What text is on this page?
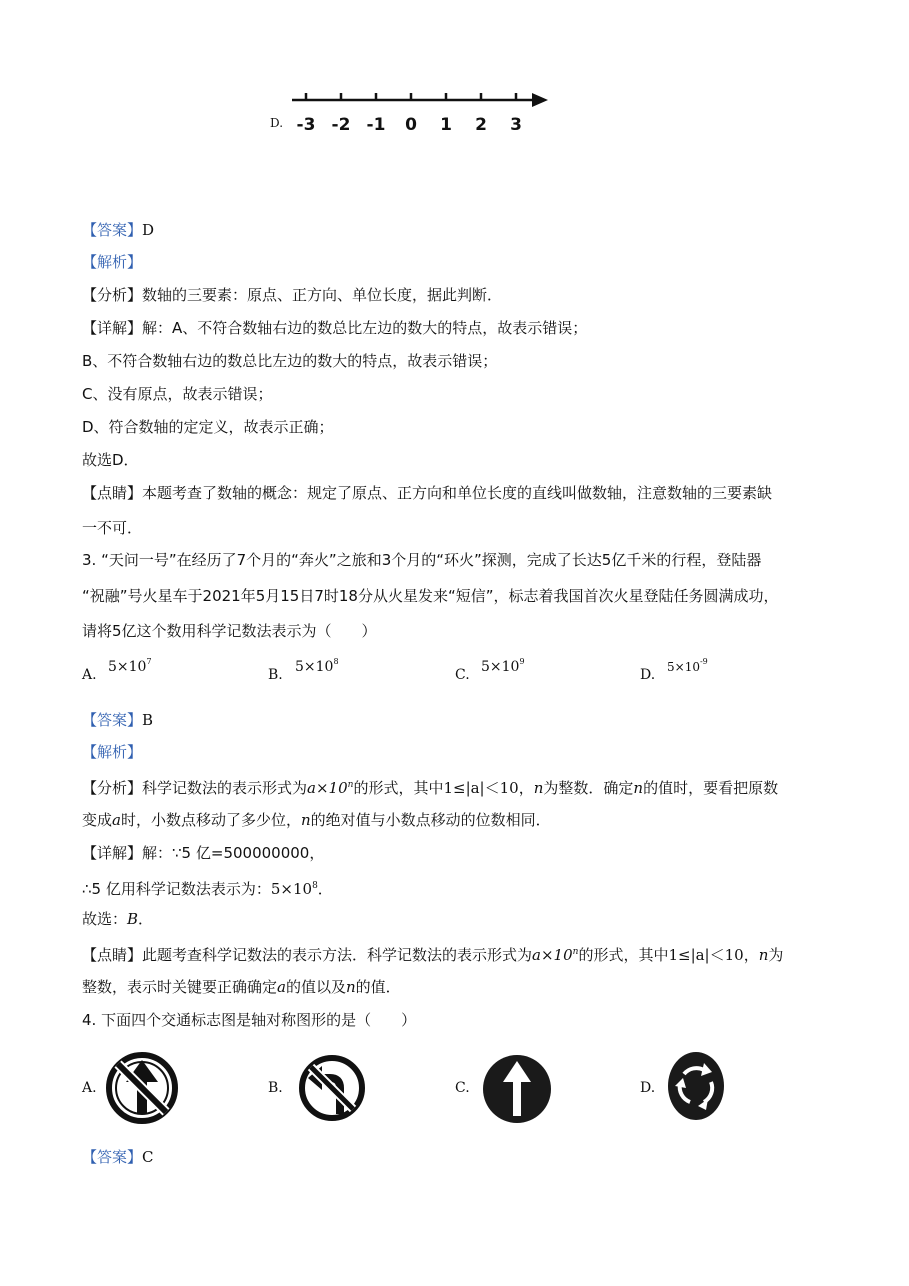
D. -3 -2 -1 0 1 2 3
【答案】D
【解析】
【分析】数轴的三要素：原点、正方向、单位长度，据此判断．
【详解】解：A、不符合数轴右边的数总比左边的数大的特点，故表示错误；
B、不符合数轴右边的数总比左边的数大的特点，故表示错误；
C、没有原点，故表示错误；
D、符合数轴的定定义，故表示正确；
故选D．
【点睛】本题考查了数轴的概念：规定了原点、正方向和单位长度的直线叫做数轴，注意数轴的三要素缺
一不可．
3. “天问一号”在经历了7个月的“奔火”之旅和3个月的“环火”探测，完成了长达5亿千米的行程，登陆器
“祝融”号火星车于2021年5月15日7时18分从火星发来“短信”，标志着我国首次火星登陆任务圆满成功，
请将5亿这个数用科学记数法表示为（　　）
A. $5\times 10^7$
B. $5\times 10^8$
C. $5\times 10^9$
D. $5\times 10^{-9}$
【答案】B
【解析】
【分析】科学记数法的表示形式为$a\times 10^n$的形式，其中1≤|a|＜10，n为整数．确定n的值时，要看把原数
变成a时，小数点移动了多少位，n的绝对值与小数点移动的位数相同．
【详解】解：∵5 亿=500000000，
∴5 亿用科学记数法表示为：$5\times 10^8$．
故选：B．
【点睛】此题考查科学记数法的表示方法．科学记数法的表示形式为$a\times 10^n$的形式，其中1≤|a|＜10，n为
整数，表示时关键要正确确定a的值以及n的值．
4. 下面四个交通标志图是轴对称图形的是（　　）
A.	B.	C.	D.
【答案】C
